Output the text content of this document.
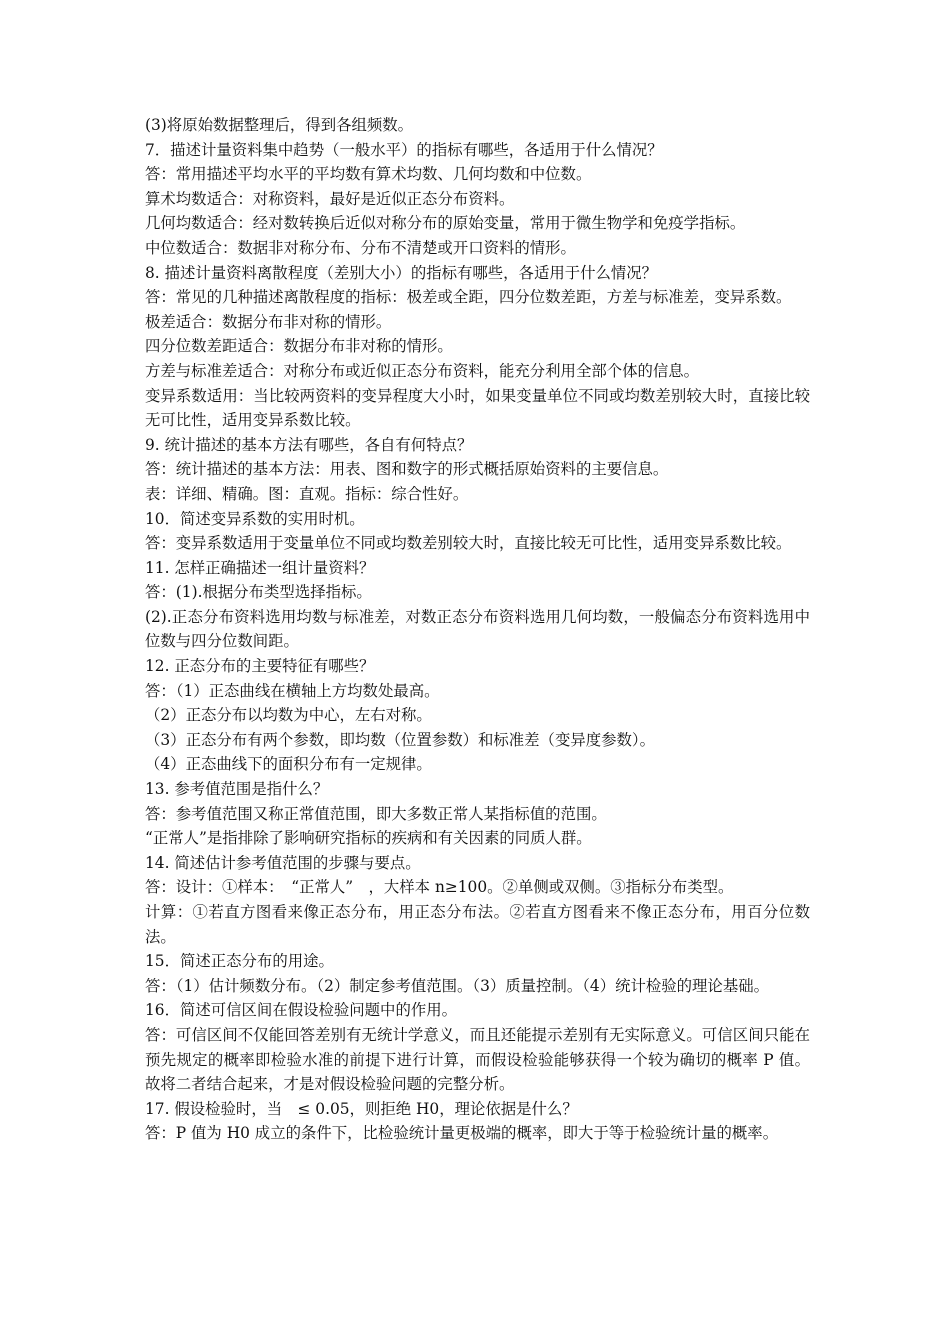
(3)将原始数据整理后，得到各组频数。

7．描述计量资料集中趋势（一般水平）的指标有哪些，各适用于什么情况？

答：常用描述平均水平的平均数有算术均数、几何均数和中位数。

算术均数适合：对称资料，最好是近似正态分布资料。

几何均数适合：经对数转换后近似对称分布的原始变量，常用于微生物学和免疫学指标。

中位数适合：数据非对称分布、分布不清楚或开口资料的情形。

8. 描述计量资料离散程度（差别大小）的指标有哪些，各适用于什么情况？

答：常见的几种描述离散程度的指标：极差或全距，四分位数差距，方差与标准差，变异系数。

极差适合：数据分布非对称的情形。

四分位数差距适合：数据分布非对称的情形。

方差与标准差适合：对称分布或近似正态分布资料，能充分利用全部个体的信息。

变异系数适用：当比较两资料的变异程度大小时，如果变量单位不同或均数差别较大时，直接比较 无可比性，适用变异系数比较。

9. 统计描述的基本方法有哪些，各自有何特点？

答：统计描述的基本方法：用表、图和数字的形式概括原始资料的主要信息。

表：详细、精确。图：直观。指标：综合性好。

10．简述变异系数的实用时机。

答：变异系数适用于变量单位不同或均数差别较大时，直接比较无可比性，适用变异系数比较。

11. 怎样正确描述一组计量资料？

答：(1).根据分布类型选择指标。

(2).正态分布资料选用均数与标准差，对数正态分布资料选用几何均数，一般偏态分布资料选用中位数与四分位数间距。

12. 正态分布的主要特征有哪些？

答：（1）正态曲线在横轴上方均数处最高。

（2）正态分布以均数为中心，左右对称。

（3）正态分布有两个参数，即均数（位置参数）和标准差（变异度参数）。

（4）正态曲线下的面积分布有一定规律。

13. 参考值范围是指什么？

答：参考值范围又称正常值范围，即大多数正常人某指标值的范围。

“正常人”是指排除了影响研究指标的疾病和有关因素的同质人群。

14. 简述估计参考值范围的步骤与要点。

答：设计：①样本：　“正常人”　，大样本 n≥100。②单侧或双侧。③指标分布类型。

计算：①若直方图看来像正态分布，用正态分布法。②若直方图看来不像正态分布，用百分位数法。

15．简述正态分布的用途。

答：（1）估计频数分布。（2）制定参考值范围。（3）质量控制。（4）统计检验的理论基础。

16．简述可信区间在假设检验问题中的作用。

答：可信区间不仅能回答差别有无统计学意义，而且还能提示差别有无实际意义。可信区间只能在预先规定的概率即检验水准的前提下进行计算，而假设检验能够获得一个较为确切的概率 P 值。故将二者结合起来，才是对假设检验问题的完整分析。

17. 假设检验时，当　≤ 0.05，则拒绝 H0，理论依据是什么？

答：P 值为 H0 成立的条件下，比检验统计量更极端的概率，即大于等于检验统计量的概率。
